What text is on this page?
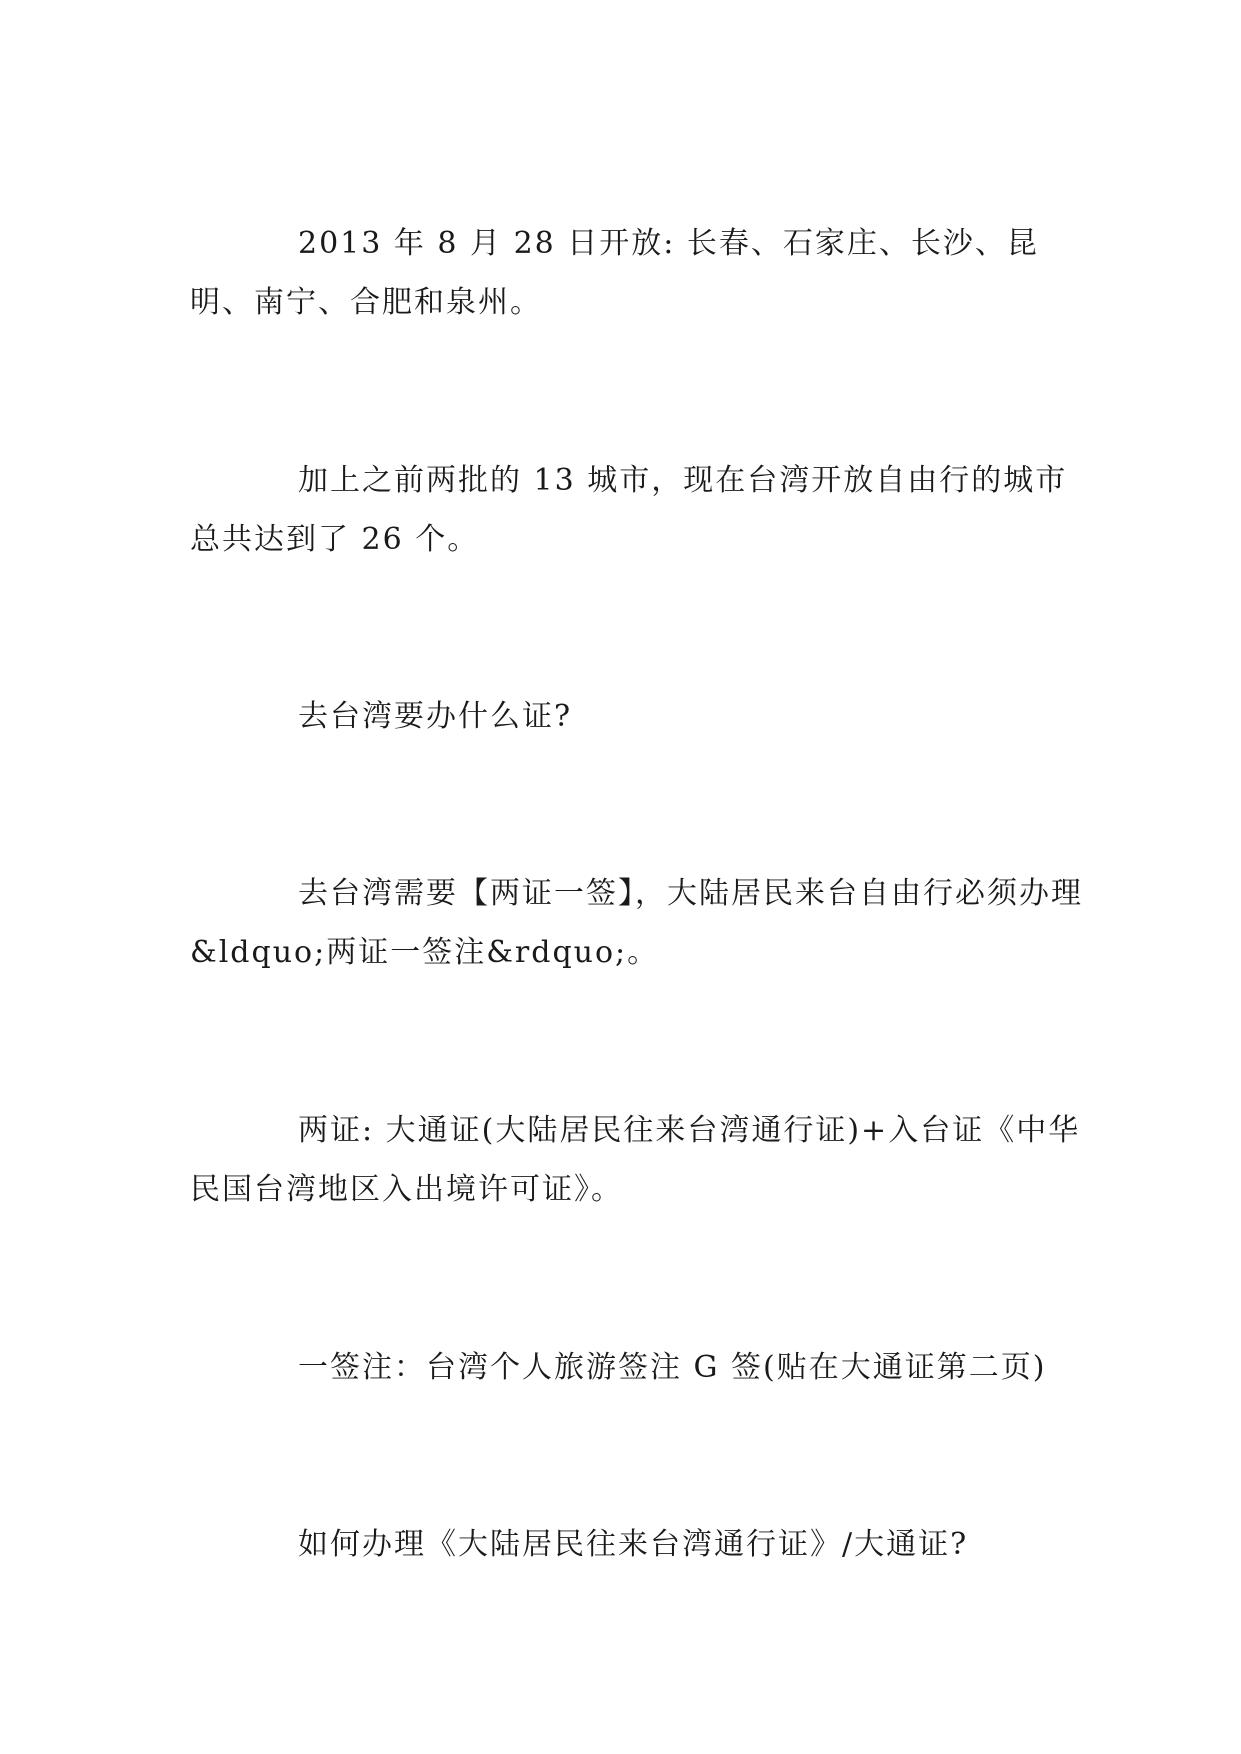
2013 年 8 月 28 日开放: 长春、石家庄、长沙、昆明、南宁、合肥和泉州。

加上之前两批的 13 城市，现在台湾开放自由行的城市总共达到了 26 个。

去台湾要办什么证?

去台湾需要【两证一签】，大陆居民来台自由行必须办理&ldquo;两证一签注&rdquo;。

两证: 大通证(大陆居民往来台湾通行证)+入台证《中华民国台湾地区入出境许可证》。

一签注：台湾个人旅游签注 G 签(贴在大通证第二页)

如何办理《大陆居民往来台湾通行证》/大通证?
